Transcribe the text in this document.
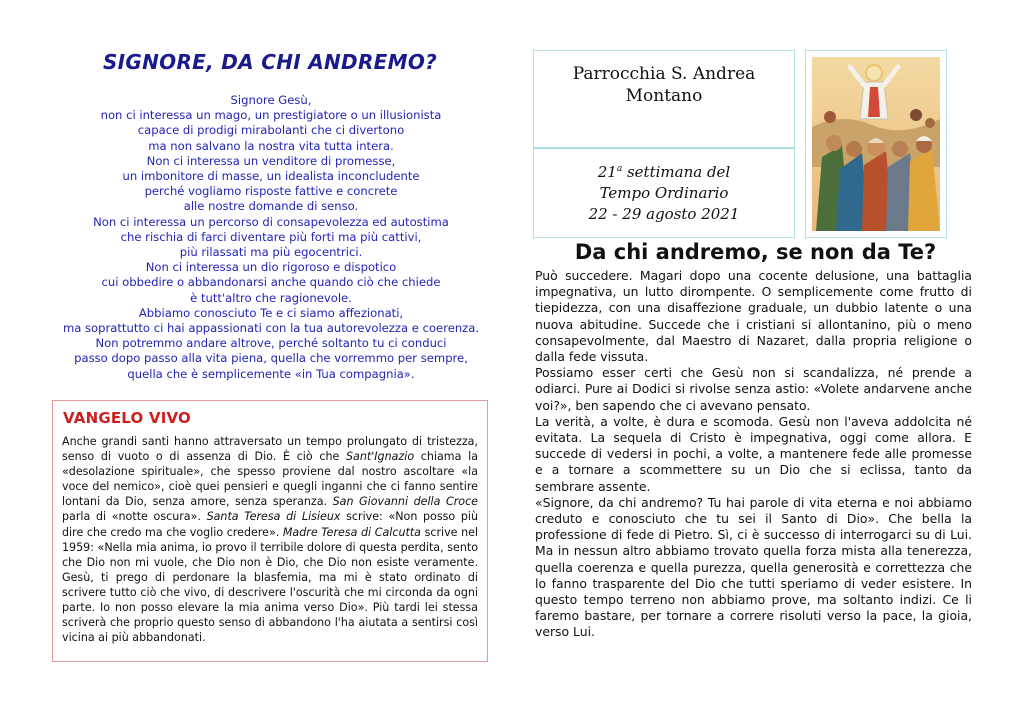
SIGNORE, DA CHI ANDREMO?
Signore Gesù,
non ci interessa un mago, un prestigiatore o un illusionista
capace di prodigi mirabolanti che ci divertono
ma non salvano la nostra vita tutta intera.
Non ci interessa un venditore di promesse,
un imbonitore di masse, un idealista inconcludente
perché vogliamo risposte fattive e concrete
alle nostre domande di senso.
Non ci interessa un percorso di consapevolezza ed autostima
che rischia di farci diventare più forti ma più cattivi,
più rilassati ma più egocentrici.
Non ci interessa un dio rigoroso e dispotico
cui obbedire o abbandonarsi anche quando ciò che chiede
è tutt'altro che ragionevole.
Abbiamo conosciuto Te e ci siamo affezionati,
ma soprattutto ci hai appassionati con la tua autorevolezza e coerenza.
Non potremmo andare altrove, perché soltanto tu ci conduci
passo dopo passo alla vita piena, quella che vorremmo per sempre,
quella che è semplicemente «in Tua compagnia».
VANGELO VIVO
Anche grandi santi hanno attraversato un tempo prolungato di tristezza, senso di vuoto o di assenza di Dio. È ciò che Sant'Ignazio chiama la «desolazione spirituale», che spesso proviene dal nostro ascoltare «la voce del nemico», cioè quei pensieri e quegli inganni che ci fanno sentire lontani da Dio, senza amore, senza speranza. San Giovanni della Croce parla di «notte oscura». Santa Teresa di Lisieux scrive: «Non posso più dire che credo ma che voglio credere». Madre Teresa di Calcutta scrive nel 1959: «Nella mia anima, io provo il terribile dolore di questa perdita, sento che Dio non mi vuole, che Dio non è Dio, che Dio non esiste veramente. Gesù, ti prego di perdonare la blasfemia, ma mi è stato ordinato di scrivere tutto ciò che vivo, di descrivere l'oscurità che mi circonda da ogni parte. Io non posso elevare la mia anima verso Dio». Più tardi lei stessa scriverà che proprio questo senso di abbandono l'ha aiutata a sentirsi così vicina ai più abbandonati.
Parrocchia S. Andrea
Montano
21$^a$ settimana del
Tempo Ordinario
22 - 29 agosto 2021
Da chi andremo, se non da Te?

Può succedere. Magari dopo una cocente delusione, una battaglia impegnativa, un lutto dirompente. O semplicemente come frutto di tiepidezza, con una disaffezione graduale, un dubbio latente o una nuova abitudine. Succede che i cristiani si allontanino, più o meno consapevolmente, dal Maestro di Nazaret, dalla propria religione o dalla fede vissuta.

Possiamo esser certi che Gesù non si scandalizza, né prende a odiarci. Pure ai Dodici si rivolse senza astio: «Volete andarvene anche voi?», ben sapendo che ci avevano pensato.

La verità, a volte, è dura e scomoda. Gesù non l'aveva addolcita né evitata. La sequela di Cristo è impegnativa, oggi come allora. E succede di vedersi in pochi, a volte, a mantenere fede alle promesse e a tornare a scommettere su un Dio che si eclissa, tanto da sembrare assente.

«Signore, da chi andremo? Tu hai parole di vita eterna e noi abbiamo creduto e conosciuto che tu sei il Santo di Dio». Che bella la professione di fede di Pietro. Sì, ci è successo di interrogarci su di Lui. Ma in nessun altro abbiamo trovato quella forza mista alla tenerezza, quella coerenza e quella purezza, quella generosità e correttezza che lo fanno trasparente del Dio che tutti speriamo di veder esistere. In questo tempo terreno non abbiamo prove, ma soltanto indizi. Ce li faremo bastare, per tornare a correre risoluti verso la pace, la gioia, verso Lui.
